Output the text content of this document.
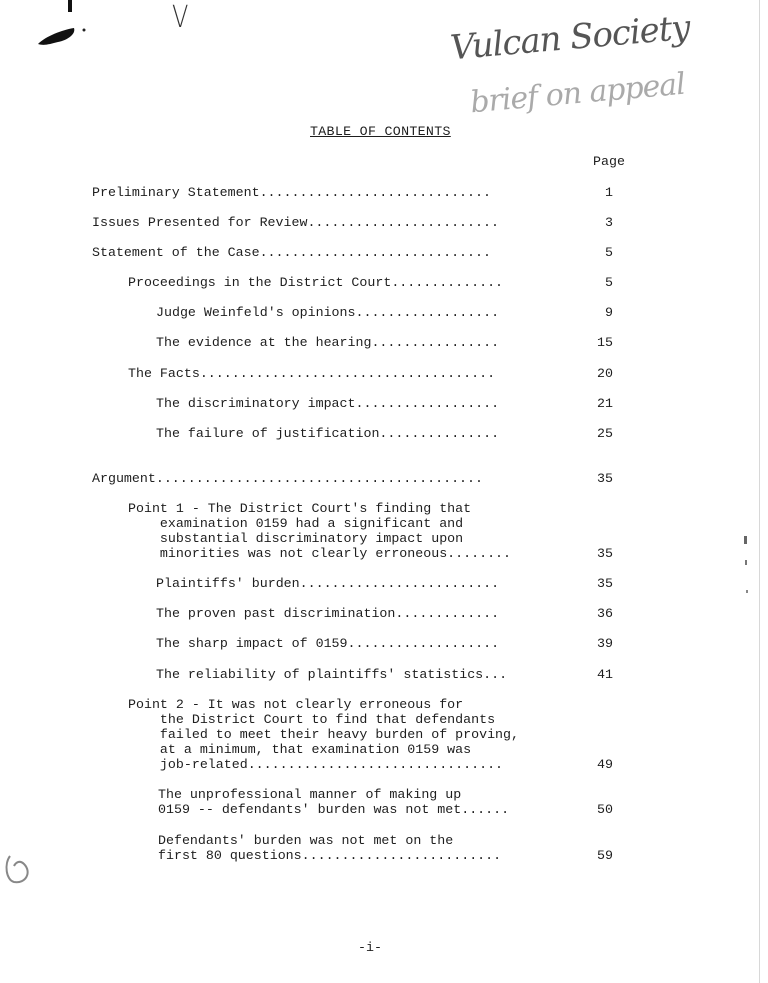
V	Vulcan Society
brief on appeal
TABLE OF CONTENTS
Page
Preliminary Statement.............................	1
Issues Presented for Review........................	3
Statement of the Case.............................	5
Proceedings in the District Court..............	5
Judge Weinfeld's opinions..................	9
The evidence at the hearing................	15
The Facts.....................................	20
The discriminatory impact..................	21
The failure of justification...............	25
Argument.........................................	35
Point 1 - The District Court's finding that
examination 0159 had a significant and
substantial discriminatory impact upon
minorities was not clearly erroneous........	35
Plaintiffs' burden.........................	35
The proven past discrimination.............	36
The sharp impact of 0159...................	39
The reliability of plaintiffs' statistics...	41
Point 2 - It was not clearly erroneous for
the District Court to find that defendants
failed to meet their heavy burden of proving,
at a minimum, that examination 0159 was
job-related................................	49
The unprofessional manner of making up
0159 -- defendants' burden was not met......	50
Defendants' burden was not met on the
first 80 questions.........................	59
-i-
